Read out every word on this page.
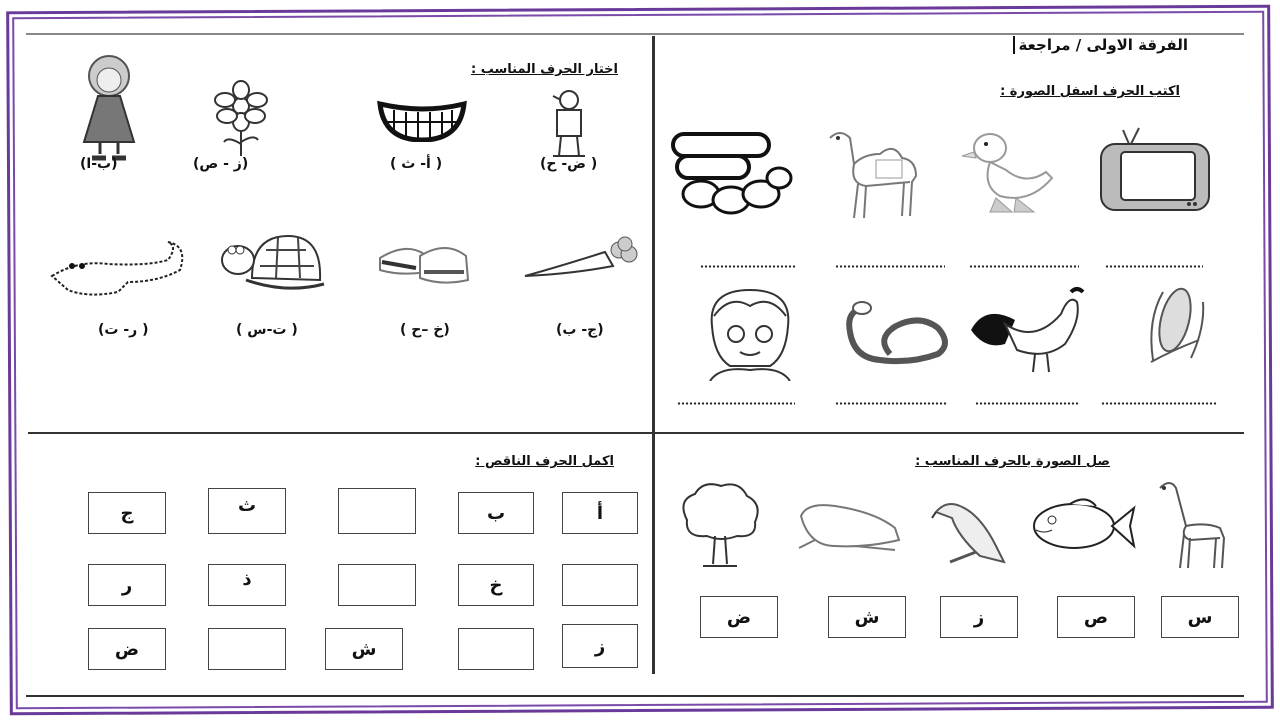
الفرقة الاولى / مراجعة
اكتب الحرف اسفل الصورة :
اختار الحرف المناسب :
( ض- ح)
( أ- ث )
(ز - ص)
(ب-ا)
(ج- ب)
(خ –ح )
( ت-س )
( ر- ت)
صل الصورة بالحرف المناسب :
س
ص
ز
ش
ض
اكمل الحرف الناقص :
أ
ب
ث
ج
خ
ذ
ر
ز
ش
ض
